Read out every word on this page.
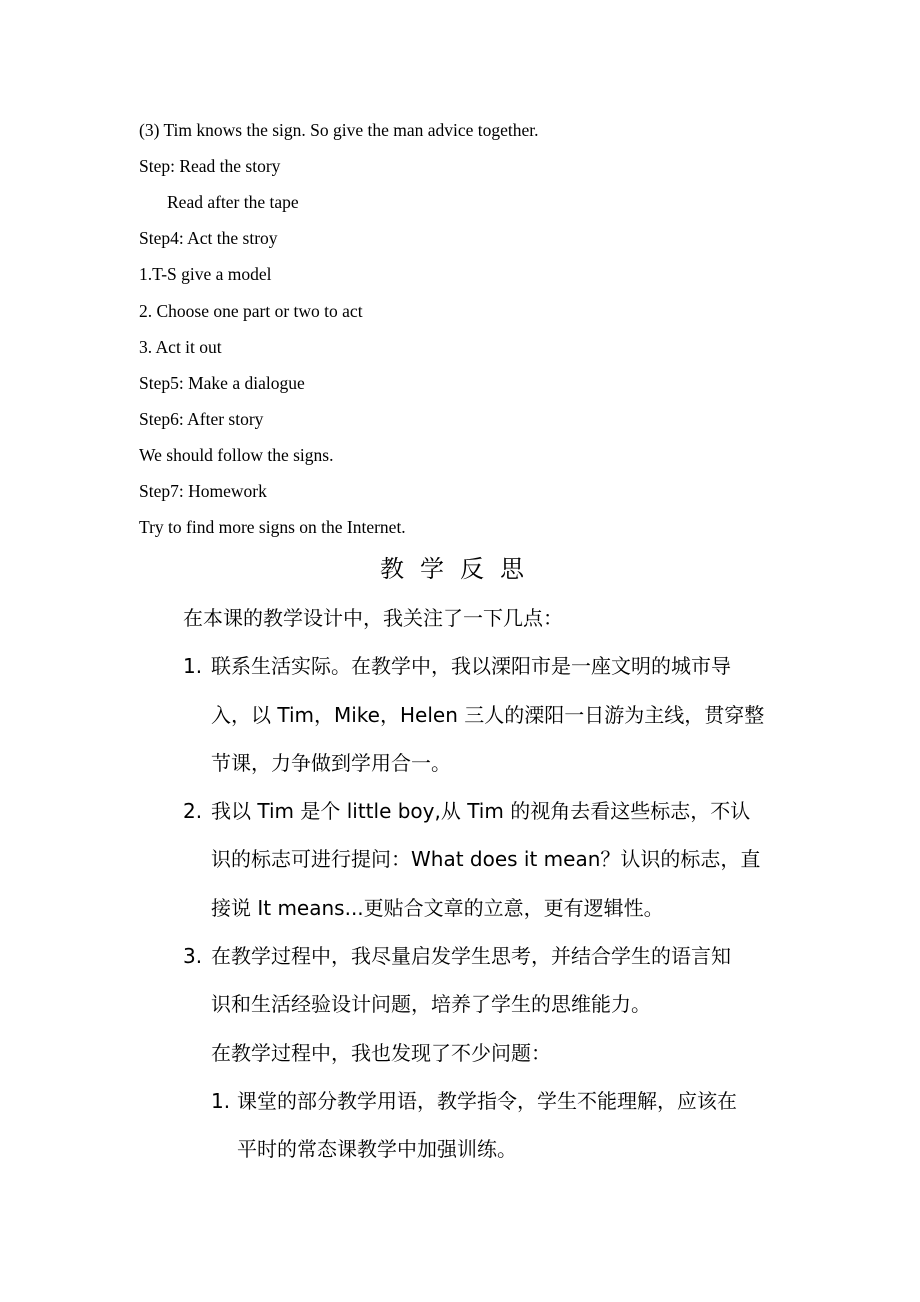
(3) Tim knows the sign. So give the man advice together.
Step: Read the story
Read after the tape
Step4: Act the stroy
1.T-S give a model
2. Choose one part or two to act
3. Act it out
Step5: Make a dialogue
Step6: After story
We should follow the signs.
Step7: Homework
Try to find more signs on the Internet.
教学反思
在本课的教学设计中，我关注了一下几点：
1. 联系生活实际。在教学中，我以溧阳市是一座文明的城市导
入，以 Tim，Mike，Helen 三人的溧阳一日游为主线，贯穿整
节课，力争做到学用合一。
2. 我以 Tim 是个 little boy,从 Tim 的视角去看这些标志，不认
识的标志可进行提问：What does it mean？认识的标志，直
接说 It means...更贴合文章的立意，更有逻辑性。
3. 在教学过程中，我尽量启发学生思考，并结合学生的语言知
识和生活经验设计问题，培养了学生的思维能力。
在教学过程中，我也发现了不少问题：
1. 课堂的部分教学用语，教学指令，学生不能理解，应该在
平时的常态课教学中加强训练。
